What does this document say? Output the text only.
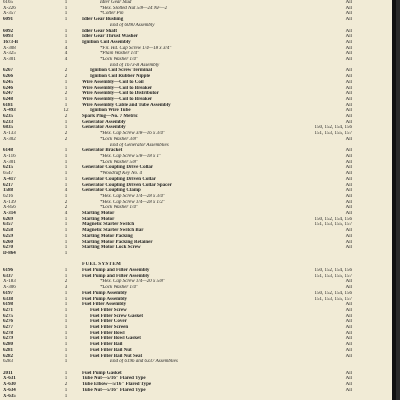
6165	1	Idler Gear Stud	All
X-226	1	*Hex. Slotted Nut 5/8—24 NF—2	All
X-357	1	*Cotter Pin	All
6091	1	Idler Gear Bushing	All
End of 6090 Assembly
6092	1	Idler Gear Shaft	All
6093	1	Idler Gear Thrust Washer	All
1673-B	1	Ignition Coil Assembly	All
X-308	4	*Fil. Hd. Cap Screw 1/4—18 x 3/4"	All
X-325	4	*Plain Washer 1/4"	All
X-301	4	*Lock Washer 1/4"	All
End of 1673-B Assembly
6267	2	Ignition Coil Screw Terminal	All
6266	2	Ignition Coil Rubber Nipple	All
6245	1	Wire Assembly—Coil to Coil	All
6246	1	Wire Assembly—Coil to Breaker	All
6247	2	Wire Assembly—Coil to Distributor	All
6248	1	Wire Assembly—Coil to Breaker	All
6181	1	Wire Assembly Cable and Tube Assembly	All
X-493	12	Ignition Wire Tube	All
6235	2	Spark Plug—No. 7 Metric	All
6233	1	Generator Assembly	All
6835	1	Generator Assembly	150, 152, 154, 156
X-133	2	*Hex. Cap Screw 3/8—16 x 3/4"	151, 153, 155, 157
X-302	2	*Lock Washer 3/8"	All
End of Generator Assemblies
6148	1	Generator Bracket	All
X-116	1	*Hex. Cap Screw 5/8—18 x 1"	All
X-301	1	*Lock Washer 5/8"	All
6215	1	Generator Coupling Drive Collar	All
6547	1	*Woodruff Key No. 4	All
X-417	1	Generator Coupling Driven Collar	All
6217	1	Generator Coupling Driven Collar Spacer	All
1588	4	Generator Coupling Clamp	All
6216	1	*Hex. Cap Screw 1/4—28 x 3/4"	All
X-139	2	*Hex. Cap Screw 1/4—28 x 1/2"	All
X-856	2	*Lock Washer 1/4"	All
X-314	4	Starting Motor	All
6269	1	Starting Motor	150, 152, 154, 156
6357	1	Magnetic Starter Switch	151, 153, 155, 157
6258	1	Magnetic Starter Switch Bar	All
6259	1	Starting Motor Packing	All
6260	1	Starting Motor Packing Retainer	All
6270	1	Starting Motor Lock Screw	All
D-864	1
FUEL SYSTEM
6196	1	Fuel Pump and Filter Assembly	150, 152, 154, 156
6337	1	Fuel Pump and Filter Assembly	151, 153, 155, 157
X-183	2	*Hex. Cap Screw 1/4—20 x 5/8"	All
X-306	3	*Lock Washer 1/4"	All
6197	1	Fuel Pump Assembly	150, 152, 154, 156
6338	1	Fuel Pump Assembly	151, 153, 155, 157
6198	1	Fuel Filter Assembly	All
6271	1	Fuel Filter Screw	All
6275	1	Fuel Filter Screw Gasket	All
6276	1	Fuel Filter Cover	All
6277	1	Fuel Filter Screen	All
6278	1	Fuel Filter Bowl	All
6279	1	Fuel Filter Bowl Gasket	All
6280	1	Fuel Filter Bail	All
6281	1	Fuel Filter Bail Nut	All
6282	1	Fuel Filter Bail Nut Seat	All
6283	1	End of 6196 and 6337 Assemblies
2011	1	Fuel Pump Gasket	All
X-631	1	Tube Nut—5/16" Flared Type	All
X-630	2	Tube Elbow—5/16" Flared Type	All
X-634	1	Tube Nut—5/16" Flared Type	All
X-635	1
